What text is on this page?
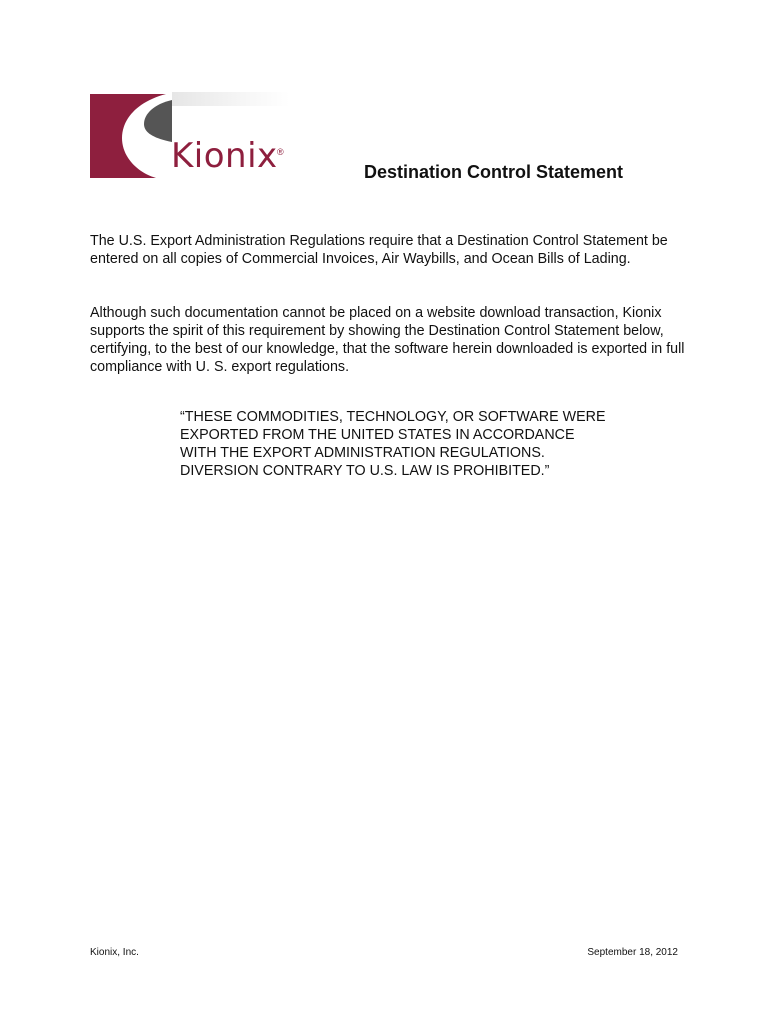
Kionix ®
Destination Control Statement

The U.S. Export Administration Regulations require that a Destination Control Statement be entered on all copies of Commercial Invoices, Air Waybills, and Ocean Bills of Lading.

Although such documentation cannot be placed on a website download transaction, Kionix supports the spirit of this requirement by showing the Destination Control Statement below, certifying, to the best of our knowledge, that the software herein downloaded is exported in full compliance with U. S. export regulations.

“THESE COMMODITIES, TECHNOLOGY, OR SOFTWARE WERE EXPORTED FROM THE UNITED STATES IN ACCORDANCE WITH THE EXPORT ADMINISTRATION REGULATIONS. DIVERSION CONTRARY TO U.S. LAW IS PROHIBITED.”

Kionix, Inc.	September 18, 2012
